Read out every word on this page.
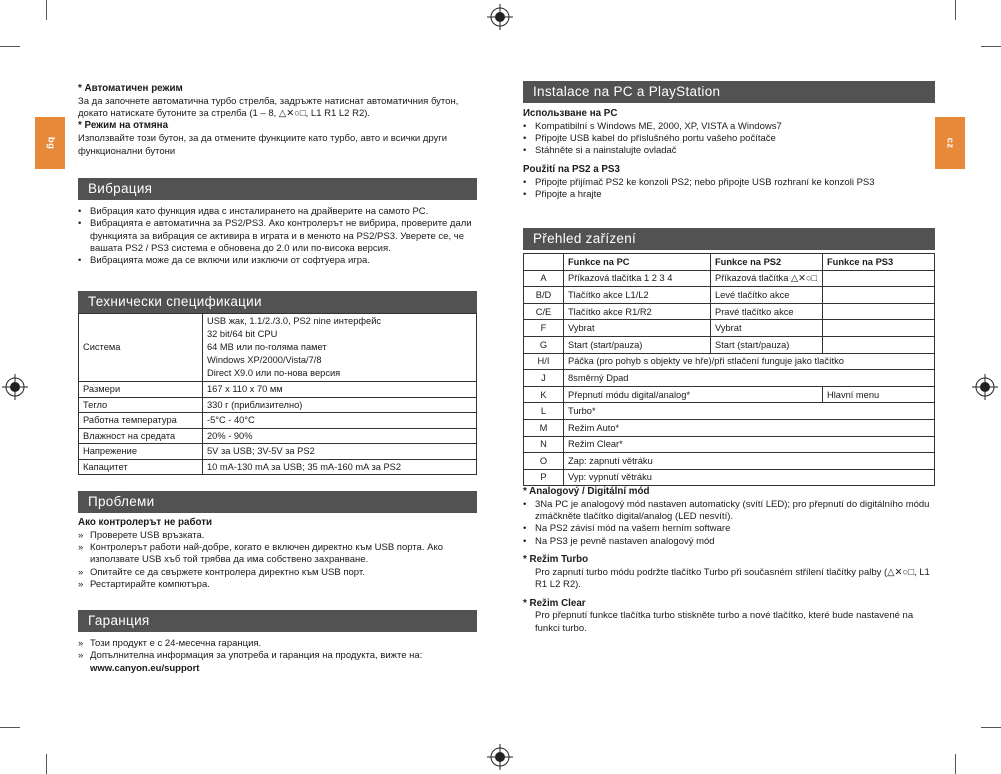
bg	cz

* Автоматичен режим

За да започнете автоматична турбо стрелба, задръжте натиснат автоматичния бутон, докато натискате бутоните за стрелба (1 – 8, △✕○□, L1 R1 L2 R2).

* Режим на отмяна

Използвайте този бутон, за да отмените функциите като турбо, авто и всички други функционални бутони

Вибрация
• Вибрация като функция идва с инсталирането на драйверите на самото PC.
• Вибрацията е автоматична за PS2/PS3. Ако контролерът не вибрира, проверите дали функцията за вибрация се активира в играта и в менюто на PS2/PS3. Уверете се, че вашата PS2 / PS3 система е обновена до 2.0 или по-висока версия.
• Вибрацията може да се включи или изключи от софтуера игра.
Технически спецификации
Система	USB жак, 1.1/2./3.0, PS2 nine интерфейс
32 bit/64 bit CPU
64 MB или по-голяма памет
Windows XP/2000/Vista/7/8
Direct X9.0 или по-нова версия

Размери	167 x 110 x 70 мм
Тегло	330 г (приблизително)
Работна температура	-5°C - 40°C
Влажност на средата	20% - 90%
Напрежение	5V за USB; 3V-5V за PS2
Капацитет	10 mA-130 mA за USB; 35 mA-160 mA за PS2
Проблеми

Ако контролерът не работи

» Проверете USB връзката.
» Контролерът работи най-добре, когато е включен директно към USB порта. Ако използвате USB хъб той трябва да има собствено захранване.
» Опитайте се да свържете контролера директно към USB порт.
» Рестартирайте компютъра.
Гаранция
» Този продукт е с 24-месечна гаранция.
» Допълнителна информация за употреба и гаранция на продукта, вижте на:

www.canyon.eu/support

Instalace na PC a PlayStation

Использване на PC

• Kompatibilní s Windows ME, 2000, XP, VISTA a Windows7
• Připojte USB kabel do příslušného portu vašeho počítače
• Stáhněte si a nainstalujte ovladač

Použití na PS2 a PS3

• Připojte přijímač PS2 ke konzoli PS2; nebo připojte USB rozhraní ke konzoli PS3
• Připojte a hrajte
Přehled zařízení
	Funkce na PC	Funkce na PS2	Funkce na PS3
A	Příkazová tlačítka 1 2 3 4	Příkazová tlačítka △✕○□	
B/D	Tlačítko akce L1/L2	Levé tlačítko akce	
C/E	Tlačítko akce R1/R2	Pravé tlačítko akce	
F	Vybrat	Vybrat	
G	Start (start/pauza)	Start (start/pauza)	
H/I	Páčka (pro pohyb s objekty ve hře)/při stlačení funguje jako tlačítko		
J	8směrný Dpad		
K	Přepnutí módu digital/analog*		Hlavní menu
L	Turbo*		
M	Režim Auto*		
N	Režim Clear*		
O	Zap: zapnutí větráku		
P	Vyp: vypnutí větráku		

* Analogový / Digitální mód

• 3Na PC je analogový mód nastaven automaticky (svítí LED); pro přepnutí do digitálního módu zmáčkněte tlačítko digital/analog (LED nesvítí).
• Na PS2 závisí mód na vašem herním software
• Na PS3 je pevně nastaven analogový mód

* Režim Turbo

Pro zapnutí turbo módu podržte tlačítko Turbo při současném střílení tlačítky palby (△✕○□, L1 R1 L2 R2).

* Režim Clear

Pro přepnutí funkce tlačítka turbo stiskněte turbo a nové tlačítko, které bude nastavené na funkci turbo.
